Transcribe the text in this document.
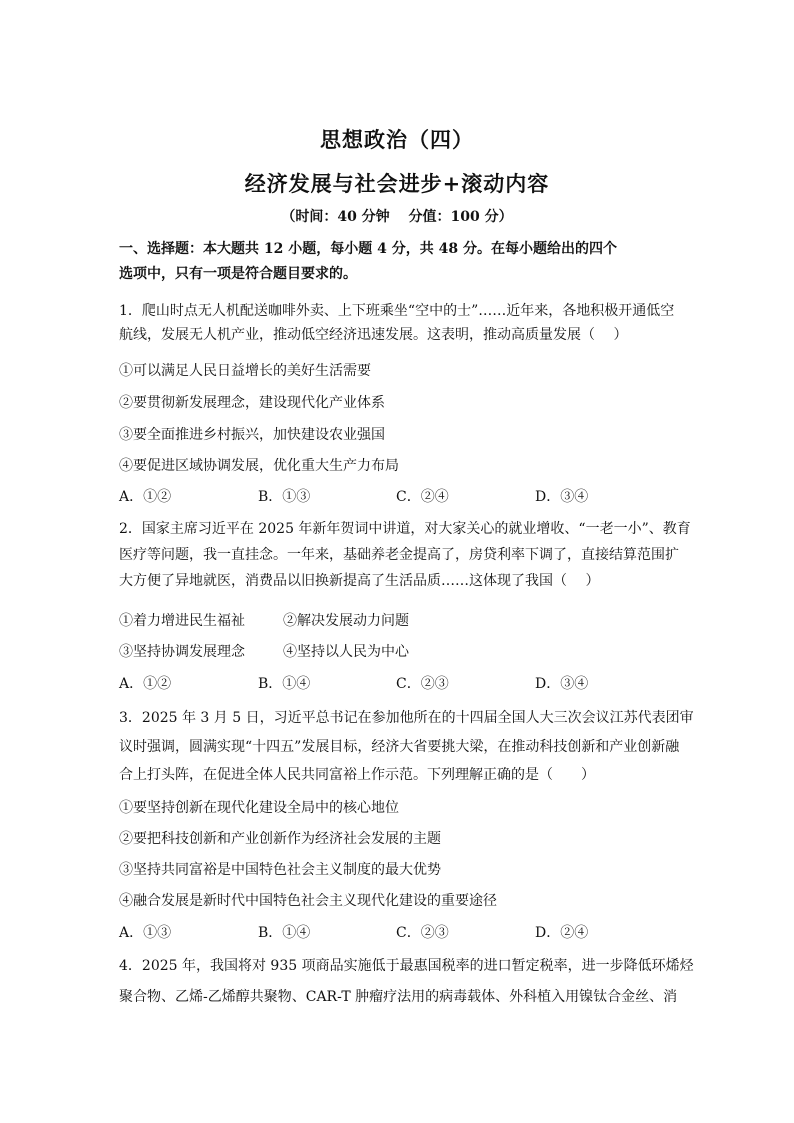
思想政治（四）
经济发展与社会进步+滚动内容
（时间：40 分钟　 分值：100 分）
一、选择题：本大题共 12 小题，每小题 4 分，共 48 分。在每小题给出的四个
选项中，只有一项是符合题目要求的。
1．爬山时点无人机配送咖啡外卖、上下班乘坐“空中的士”……近年来，各地积极开通低空
航线，发展无人机产业，推动低空经济迅速发展。这表明，推动高质量发展（　 ）
①可以满足人民日益增长的美好生活需要
②要贯彻新发展理念，建设现代化产业体系
③要全面推进乡村振兴，加快建设农业强国
④要促进区域协调发展，优化重大生产力布局
A．①②	B．①③	C．②④	D．③④
2．国家主席习近平在 2025 年新年贺词中讲道，对大家关心的就业增收、“一老一小”、教育
医疗等问题，我一直挂念。一年来，基础养老金提高了，房贷利率下调了，直接结算范围扩
大方便了异地就医，消费品以旧换新提高了生活品质……这体现了我国（　 ）
①着力增进民生福祉	②解决发展动力问题
③坚持协调发展理念	④坚持以人民为中心
A．①②	B．①④	C．②③	D．③④
3．2025 年 3 月 5 日，习近平总书记在参加他所在的十四届全国人大三次会议江苏代表团审
议时强调，圆满实现“十四五”发展目标，经济大省要挑大梁，在推动科技创新和产业创新融
合上打头阵，在促进全体人民共同富裕上作示范。下列理解正确的是（　　）
①要坚持创新在现代化建设全局中的核心地位
②要把科技创新和产业创新作为经济社会发展的主题
③坚持共同富裕是中国特色社会主义制度的最大优势
④融合发展是新时代中国特色社会主义现代化建设的重要途径
A．①③	B．①④	C．②③	D．②④
4．2025 年，我国将对 935 项商品实施低于最惠国税率的进口暂定税率，进一步降低环烯烃
聚合物、乙烯-乙烯醇共聚物、CAR-T 肿瘤疗法用的病毒载体、外科植入用镍钛合金丝、消
